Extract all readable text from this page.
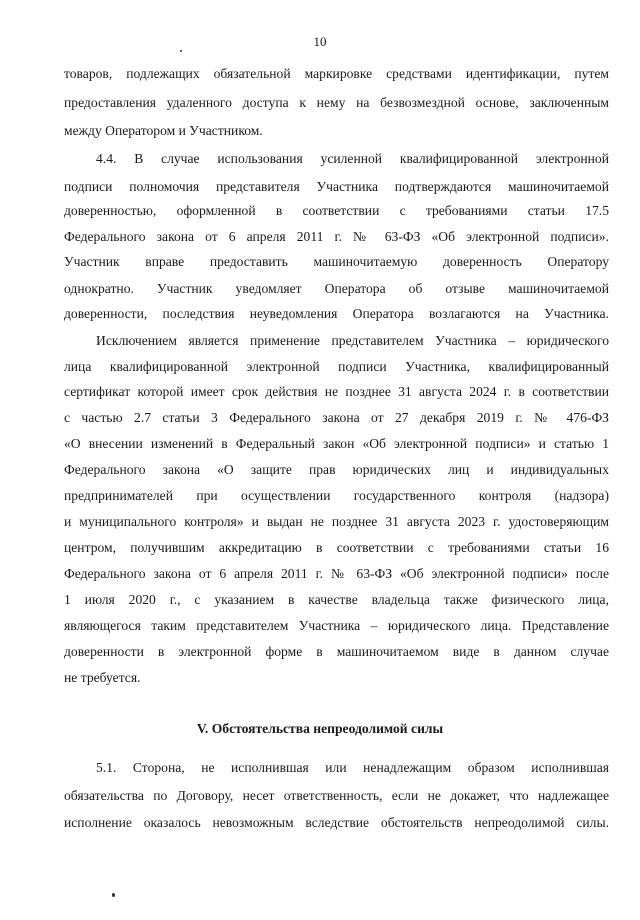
10
товаров, подлежащих обязательной маркировке средствами идентификации, путем
предоставления удаленного доступа к нему на безвозмездной основе, заключенным
между Оператором и Участником.
4.4. В случае использования усиленной квалифицированной электронной
подписи полномочия представителя Участника подтверждаются машиночитаемой
доверенностью, оформленной в соответствии с требованиями статьи 17.5
Федерального закона от 6 апреля 2011 г. № 63-ФЗ «Об электронной подписи».
Участник вправе предоставить машиночитаемую доверенность Оператору
однократно. Участник уведомляет Оператора об отзыве машиночитаемой
доверенности, последствия неуведомления Оператора возлагаются на Участника.
Исключением является применение представителем Участника – юридического
лица квалифицированной электронной подписи Участника, квалифицированный
сертификат которой имеет срок действия не позднее 31 августа 2024 г. в соответствии
с частью 2.7 статьи 3 Федерального закона от 27 декабря 2019 г. № 476-ФЗ
«О внесении изменений в Федеральный закон «Об электронной подписи» и статью 1
Федерального закона «О защите прав юридических лиц и индивидуальных
предпринимателей при осуществлении государственного контроля (надзора)
и муниципального контроля» и выдан не позднее 31 августа 2023 г. удостоверяющим
центром, получившим аккредитацию в соответствии с требованиями статьи 16
Федерального закона от 6 апреля 2011 г. № 63-ФЗ «Об электронной подписи» после
1 июля 2020 г., с указанием в качестве владельца также физического лица,
являющегося таким представителем Участника – юридического лица. Представление
доверенности в электронной форме в машиночитаемом виде в данном случае
не требуется.
V. Обстоятельства непреодолимой силы
5.1. Сторона, не исполнившая или ненадлежащим образом исполнившая
обязательства по Договору, несет ответственность, если не докажет, что надлежащее
исполнение оказалось невозможным вследствие обстоятельств непреодолимой силы.
